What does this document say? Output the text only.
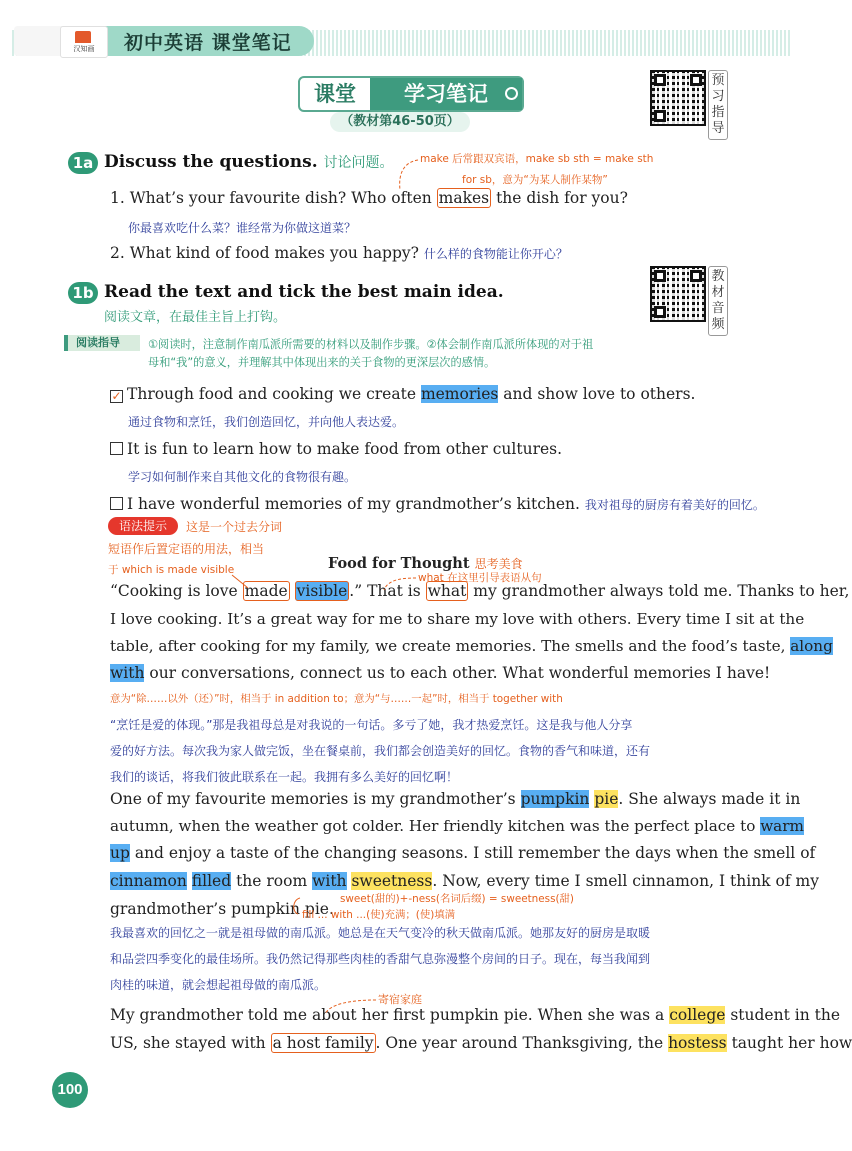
汉知画	初中英语 课堂笔记
课堂	学习笔记
（教材第46-50页）
预
习
指
导
1a Discuss the questions. 讨论问题。	make 后常跟双宾语，make sb sth = make sth
for sb，意为“为某人制作某物”
1. What’s your favourite dish? Who often makes the dish for you?
你最喜欢吃什么菜？谁经常为你做这道菜？
2. What kind of food makes you happy? 什么样的食物能让你开心？
1b Read the text and tick the best main idea.
阅读文章，在最佳主旨上打钩。
教
材
音
频
阅读指导	①阅读时，注意制作南瓜派所需要的材料以及制作步骤。②体会制作南瓜派所体现的对于祖
母和“我”的意义，并理解其中体现出来的关于食物的更深层次的感情。
✓ Through food and cooking we create memories and show love to others.
通过食物和烹饪，我们创造回忆，并向他人表达爱。
It is fun to learn how to make food from other cultures.
学习如何制作来自其他文化的食物很有趣。
I have wonderful memories of my grandmother’s kitchen. 我对祖母的厨房有着美好的回忆。
语法提示	这是一个过去分词
短语作后置定语的用法，相当
于 which is made visible	Food for Thought 思考美食
what 在这里引导表语从句
“Cooking is love made visible .” That is what my grandmother always told me. Thanks to her,
I love cooking. It’s a great way for me to share my love with others. Every time I sit at the
table, after cooking for my family, we create memories. The smells and the food’s taste, along
with our conversations, connect us to each other. What wonderful memories I have!
意为“除……以外（还）”时，相当于 in addition to；意为“与……一起”时，相当于 together with
“烹饪是爱的体现。”那是我祖母总是对我说的一句话。多亏了她，我才热爱烹饪。这是我与他人分享
爱的好方法。每次我为家人做完饭，坐在餐桌前，我们都会创造美好的回忆。食物的香气和味道，还有
我们的谈话，将我们彼此联系在一起。我拥有多么美好的回忆啊！
One of my favourite memories is my grandmother’s pumpkin pie. She always made it in
autumn, when the weather got colder. Her friendly kitchen was the perfect place to warm
up and enjoy a taste of the changing seasons. I still remember the days when the smell of
cinnamon filled the room with sweetness. Now, every time I smell cinnamon, I think of my
grandmother’s pumpkin pie.
sweet(甜的)+-ness(名词后缀) = sweetness(甜)
fill ... with ...(使)充满；(使)填满
我最喜欢的回忆之一就是祖母做的南瓜派。她总是在天气变冷的秋天做南瓜派。她那友好的厨房是取暖
和品尝四季变化的最佳场所。我仍然记得那些肉桂的香甜气息弥漫整个房间的日子。现在，每当我闻到
肉桂的味道，就会想起祖母做的南瓜派。
寄宿家庭
My grandmother told me about her first pumpkin pie. When she was a college student in the
US, she stayed with a host family . One year around Thanksgiving, the hostess taught her how
100
